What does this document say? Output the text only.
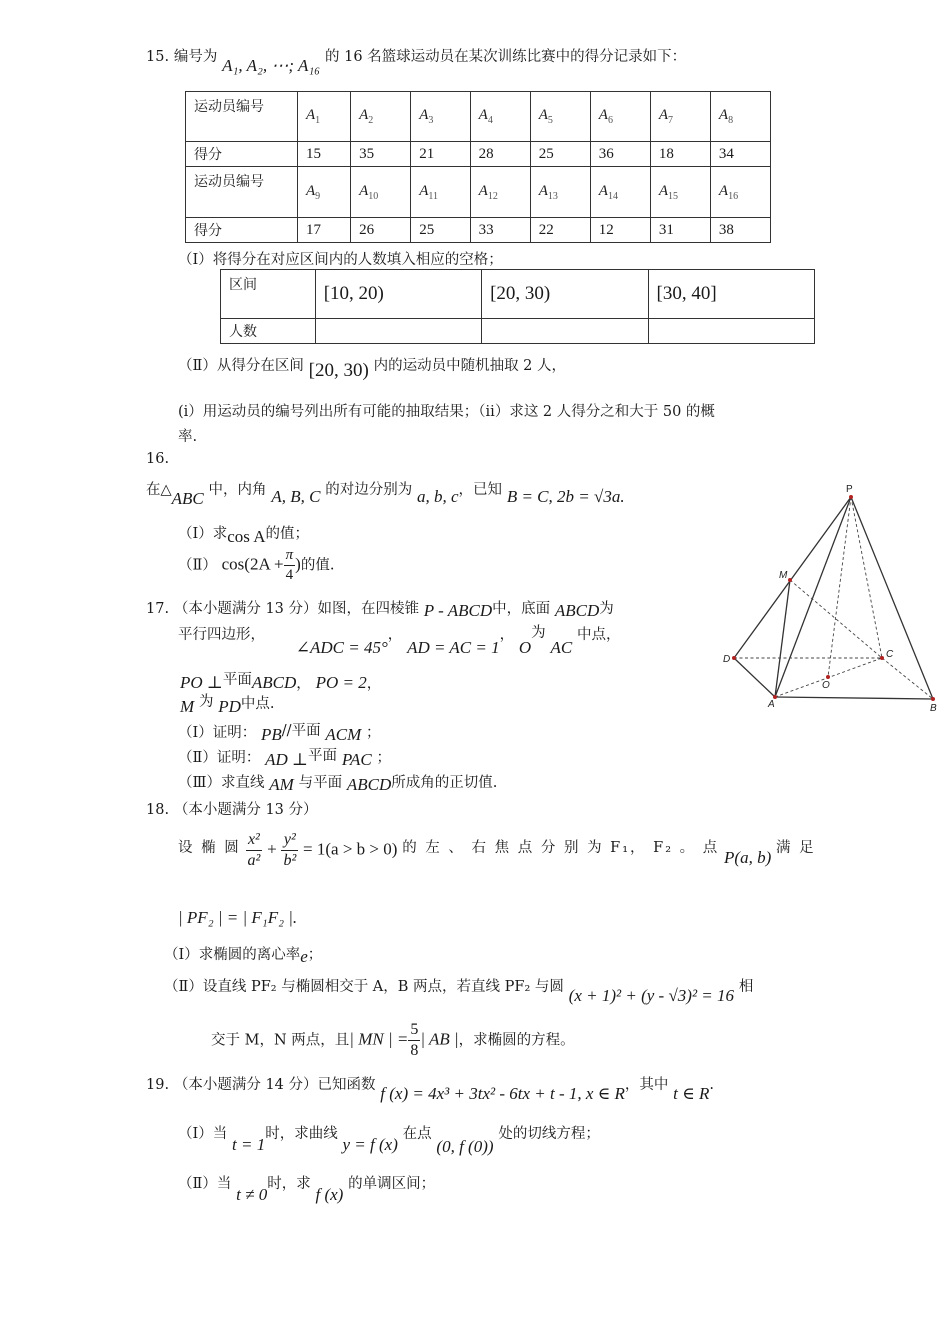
15. 编号为 A₁, A₂, ⋯; A₁₆ 的 16 名篮球运动员在某次训练比赛中的得分记录如下：
运动员编号	$A_1$	$A_2$	$A_3$	$A_4$	$A_5$	$A_6$	$A_7$	$A_8$
得分	15	35	21	28	25	36	18	34
运动员编号	$A_9$	$A_{10}$	$A_{11}$	$A_{12}$	$A_{13}$	$A_{14}$	$A_{15}$	$A_{16}$
得分	17	26	25	33	22	12	31	38
（Ⅰ）将得分在对应区间内的人数填入相应的空格；
区间	[10, 20)	[20, 30)	[30, 40]
人数			
（Ⅱ）从得分在区间 [20, 30) 内的运动员中随机抽取 2 人，
(i）用运动员的编号列出所有可能的抽取结果；（ii）求这 2 人得分之和大于 50 的概
率.
16.
在△ABC 中，内角 A, B, C 的对边分别为 a, b, c，已知 B = C, 2b = √3a.
（Ⅰ）求cos A的值；
（Ⅱ） $\cos(2A + \frac{\pi}{4}$ )的值.
17. （本小题满分 13 分）如图，在四棱锥 P - ABCD中，底面 ABCD为
平行四边形， ∠ADC = 45°， AD = AC = 1， O为 AC 中点，
PO ⊥平面ABCD， PO = 2，
M 为 PD中点.
（Ⅰ）证明： PB//平面 ACM ；
（Ⅱ）证明： AD ⊥平面 PAC ；
（Ⅲ）求直线 AM 与平面 ABCD所成角的正切值.
P
M
D	C
O
A	B
18. （本小题满分 13 分）
设 椭 圆 $\frac{\text{x²}}{\text{a²}} + \frac{\text{y²}}{\text{b²}} = 1(a > b > 0)$ 的 左 、 右 焦 点 分 别 为 F₁， F₂ 。 点 P(a, b) 满 足
| PF₂ | = | F₁F₂ |.
（Ⅰ）求椭圆的离心率e；
（Ⅱ）设直线 PF₂ 与椭圆相交于 A，B 两点，若直线 PF₂ 与圆 (x + 1)² + (y - √3)² = 16 相
交于 M，N 两点，且| MN | = $\frac{5}{8}$ | AB |，求椭圆的方程。
19. （本小题满分 14 分）已知函数 f (x) = 4x³ + 3tx² - 6tx + t - 1, x ∈ R，其中 t ∈ R.
（Ⅰ）当 t = 1时，求曲线 y = f (x) 在点 (0, f (0)) 处的切线方程；
（Ⅱ）当 t ≠ 0时，求 f (x) 的单调区间；
